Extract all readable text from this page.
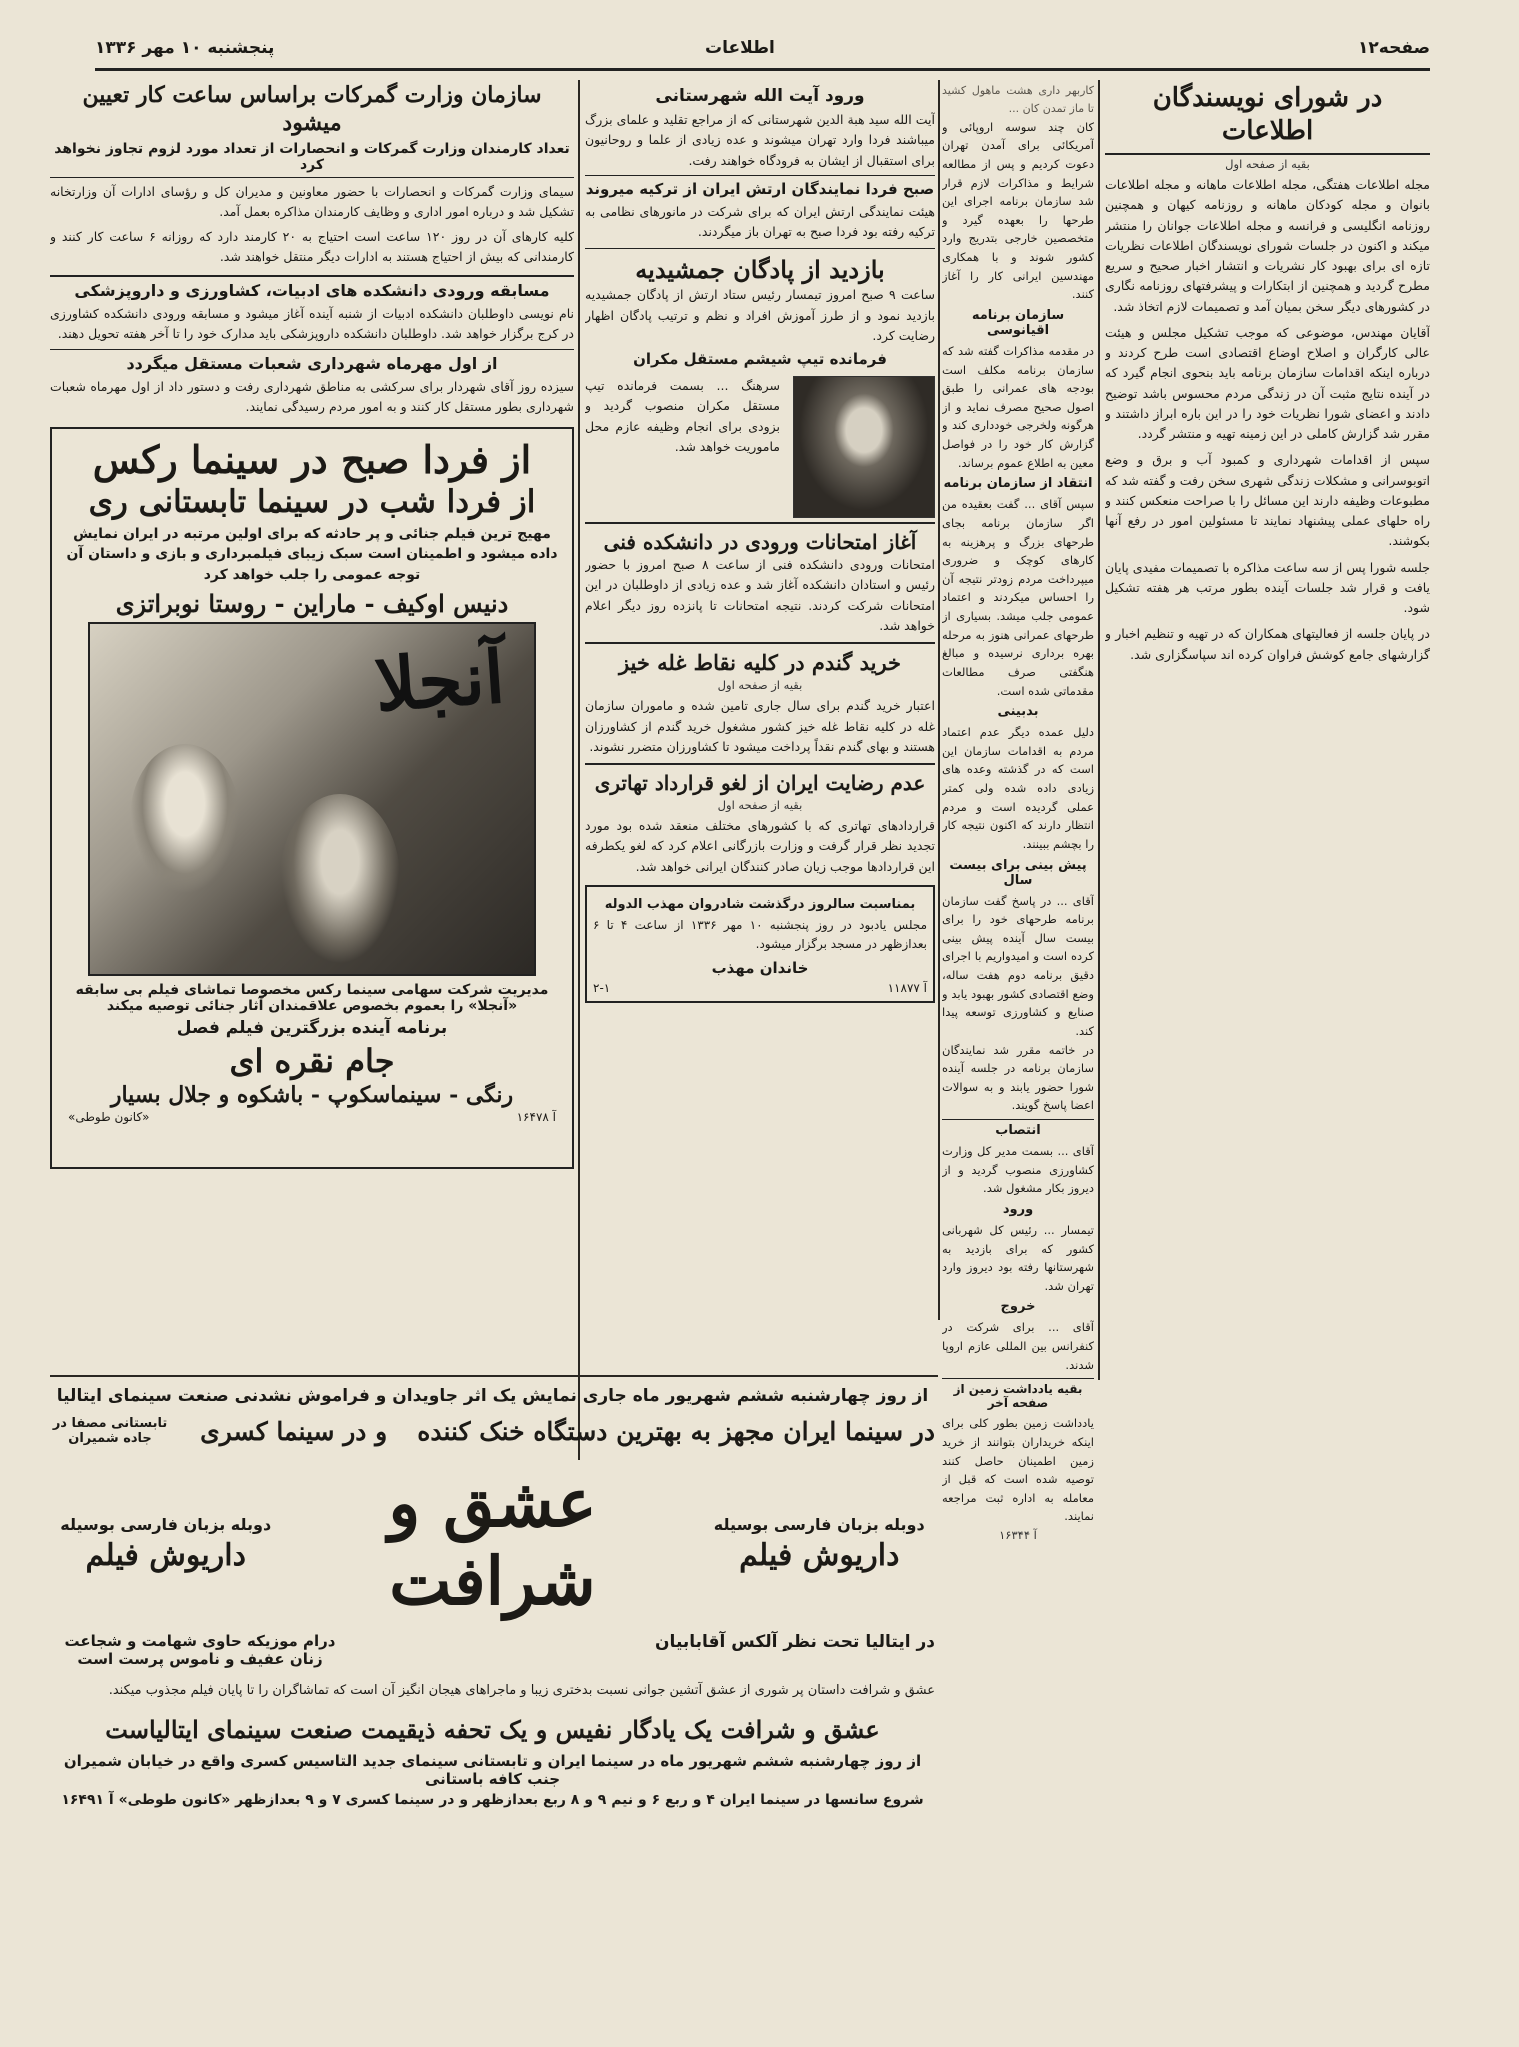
صفحه۱۲
اطلاعات
پنجشنبه ۱۰ مهر ۱۳۳۶
در شورای نویسندگان اطلاعات

بقیه از صفحه اول

مجله اطلاعات هفتگی، مجله اطلاعات ماهانه و مجله اطلاعات بانوان و مجله کودکان ماهانه و روزنامه کیهان و همچنین روزنامه انگلیسی و فرانسه و مجله اطلاعات جوانان را منتشر میکند و اکنون در جلسات شورای نویسندگان اطلاعات نظریات تازه ای برای بهبود کار نشریات و انتشار اخبار صحیح و سریع مطرح گردید و همچنین از ابتکارات و پیشرفتهای روزنامه نگاری در کشورهای دیگر سخن بمیان آمد و تصمیمات لازم اتخاذ شد.

آقایان مهندس، موضوعی که موجب تشکیل مجلس و هیئت عالی کارگران و اصلاح اوضاع اقتصادی است طرح کردند و درباره اینکه اقدامات سازمان برنامه باید بنحوی انجام گیرد که در آینده نتایج مثبت آن در زندگی مردم محسوس باشد توضیح دادند و اعضای شورا نظریات خود را در این باره ابراز داشتند و مقرر شد گزارش کاملی در این زمینه تهیه و منتشر گردد.

سپس از اقدامات شهرداری و کمبود آب و برق و وضع اتوبوسرانی و مشکلات زندگی شهری سخن رفت و گفته شد که مطبوعات وظیفه دارند این مسائل را با صراحت منعکس کنند و راه حلهای عملی پیشنهاد نمایند تا مسئولین امور در رفع آنها بکوشند.

جلسه شورا پس از سه ساعت مذاکره با تصمیمات مفیدی پایان یافت و قرار شد جلسات آینده بطور مرتب هر هفته تشکیل شود.

در پایان جلسه از فعالیتهای همکاران که در تهیه و تنظیم اخبار و گزارشهای جامع کوشش فراوان کرده اند سپاسگزاری شد.

کاربهر داری هشت ماهول کشید تا ماز تمدن کان ...

کان چند سوسه اروپائی و آمریکائی برای آمدن تهران دعوت کردیم و پس از مطالعه شرایط و مذاکرات لازم قرار شد سازمان برنامه اجرای این طرحها را بعهده گیرد و متخصصین خارجی بتدریج وارد کشور شوند و با همکاری مهندسین ایرانی کار را آغاز کنند.

سازمان برنامه اقیانوسی

در مقدمه مذاکرات گفته شد که سازمان برنامه مکلف است بودجه های عمرانی را طبق اصول صحیح مصرف نماید و از هرگونه ولخرجی خودداری کند و گزارش کار خود را در فواصل معین به اطلاع عموم برساند.

انتقاد از سازمان برنامه

سپس آقای ... گفت بعقیده من اگر سازمان برنامه بجای طرحهای بزرگ و پرهزینه به کارهای کوچک و ضروری میپرداخت مردم زودتر نتیجه آن را احساس میکردند و اعتماد عمومی جلب میشد. بسیاری از طرحهای عمرانی هنوز به مرحله بهره برداری نرسیده و مبالغ هنگفتی صرف مطالعات مقدماتی شده است.

بدبینی

دلیل عمده دیگر عدم اعتماد مردم به اقدامات سازمان این است که در گذشته وعده های زیادی داده شده ولی کمتر عملی گردیده است و مردم انتظار دارند که اکنون نتیجه کار را بچشم ببینند.

پیش بینی برای بیست سال

آقای ... در پاسخ گفت سازمان برنامه طرحهای خود را برای بیست سال آینده پیش بینی کرده است و امیدواریم با اجرای دقیق برنامه دوم هفت ساله، وضع اقتصادی کشور بهبود یابد و صنایع و کشاورزی توسعه پیدا کند.

در خاتمه مقرر شد نمایندگان سازمان برنامه در جلسه آینده شورا حضور یابند و به سوالات اعضا پاسخ گویند.

انتصاب

آقای ... بسمت مدیر کل وزارت کشاورزی منصوب گردید و از دیروز بکار مشغول شد.

ورود

تیمسار ... رئیس کل شهربانی کشور که برای بازدید به شهرستانها رفته بود دیروز وارد تهران شد.

خروج

آقای ... برای شرکت در کنفرانس بین المللی عازم اروپا شدند.

بقیه یادداشت زمین از صفحه آخر

یادداشت زمین بطور کلی برای اینکه خریداران بتوانند از خرید زمین اطمینان حاصل کنند توصیه شده است که قبل از معامله به اداره ثبت مراجعه نمایند.

آ ۱۶۳۴۴

ورود آیت الله شهرستانی

آیت الله سید هبة الدین شهرستانی که از مراجع تقلید و علمای بزرگ میباشند فردا وارد تهران میشوند و عده زیادی از علما و روحانیون برای استقبال از ایشان به فرودگاه خواهند رفت.

صبح فردا نمایندگان ارتش ایران از ترکیه میروند

هیئت نمایندگی ارتش ایران که برای شرکت در مانورهای نظامی به ترکیه رفته بود فردا صبح به تهران باز میگردند.

بازدید از پادگان جمشیدیه

ساعت ۹ صبح امروز تیمسار رئیس ستاد ارتش از پادگان جمشیدیه بازدید نمود و از طرز آموزش افراد و نظم و ترتیب پادگان اظهار رضایت کرد.

فرمانده تیپ شیشم مستقل مکران

سرهنگ ... بسمت فرمانده تیپ مستقل مکران منصوب گردید و بزودی برای انجام وظیفه عازم محل ماموریت خواهد شد.

آغاز امتحانات ورودی در دانشکده فنی

امتحانات ورودی دانشکده فنی از ساعت ۸ صبح امروز با حضور رئیس و استادان دانشکده آغاز شد و عده زیادی از داوطلبان در این امتحانات شرکت کردند. نتیجه امتحانات تا پانزده روز دیگر اعلام خواهد شد.

خرید گندم در کلیه نقاط غله خیز

بقیه از صفحه اول

اعتبار خرید گندم برای سال جاری تامین شده و ماموران سازمان غله در کلیه نقاط غله خیز کشور مشغول خرید گندم از کشاورزان هستند و بهای گندم نقداً پرداخت میشود تا کشاورزان متضرر نشوند.

عدم رضایت ایران از لغو قرارداد تهاتری

بقیه از صفحه اول

قراردادهای تهاتری که با کشورهای مختلف منعقد شده بود مورد تجدید نظر قرار گرفت و وزارت بازرگانی اعلام کرد که لغو یکطرفه این قراردادها موجب زیان صادر کنندگان ایرانی خواهد شد.

بمناسبت سالروز درگذشت شادروان مهذب الدوله

مجلس یادبود در روز پنجشنبه ۱۰ مهر ۱۳۳۶ از ساعت ۴ تا ۶ بعدازظهر در مسجد برگزار میشود.

خاندان مهذب

آ ۱۱۸۷۷
۲-۱

سازمان وزارت گمرکات براساس ساعت کار تعیین میشود

تعداد کارمندان وزارت گمرکات و انحصارات از تعداد مورد لزوم تجاوز نخواهد کرد

سیمای وزارت گمرکات و انحصارات با حضور معاونین و مدیران کل و رؤسای ادارات آن وزارتخانه تشکیل شد و درباره امور اداری و وظایف کارمندان مذاکره بعمل آمد.

کلیه کارهای آن در روز ۱۲۰ ساعت است احتیاج به ۲۰ کارمند دارد که روزانه ۶ ساعت کار کنند و کارمندانی که بیش از احتیاج هستند به ادارات دیگر منتقل خواهند شد.

مسابقه ورودی دانشکده های ادبیات، کشاورزی و داروپزشکی

نام نویسی داوطلبان دانشکده ادبیات از شنبه آینده آغاز میشود و مسابقه ورودی دانشکده کشاورزی در کرج برگزار خواهد شد. داوطلبان دانشکده داروپزشکی باید مدارک خود را تا آخر هفته تحویل دهند.

از اول مهرماه شهرداری شعبات مستقل میگردد

سیزده روز آقای شهردار برای سرکشی به مناطق شهرداری رفت و دستور داد از اول مهرماه شعبات شهرداری بطور مستقل کار کنند و به امور مردم رسیدگی نمایند.

از فردا صبح در سینما رکس

از فردا شب در سینما تابستانی ری

مهیج ترین فیلم جنائی و پر حادثه که برای اولین مرتبه در ایران نمایش داده میشود و اطمینان است سبک زیبای فیلمبرداری و بازی و داستان آن توجه عمومی را جلب خواهد کرد

دنیس اوکیف - ماراین - روستا نوبراتزی

آنجلا

مدیریت شرکت سهامی سینما رکس مخصوصا تماشای فیلم بی سابقه «آنجلا» را بعموم بخصوص علاقمندان آثار جنائی توصیه میکند

برنامه آینده بزرگترین فیلم فصل

جام نقره ای

رنگی - سینماسکوپ - باشکوه و جلال بسیار

آ ۱۶۴۷۸
«کانون طوطی»

از روز چهارشنبه ششم شهریور ماه جاری نمایش یک اثر جاویدان و فراموش نشدنی صنعت سینمای ایتالیا

در سینما ایران مجهز به بهترین دستگاه خنک کننده
و در سینما کسری
تابستانی مصفا در جاده شمیران

دوبله بزبان فارسی بوسیله

داریوش فیلم

عشق و شرافت

دوبله بزبان فارسی بوسیله

داریوش فیلم

در ایتالیا تحت نظر آلکس آقابابیان

درام موزیکه حاوی شهامت و شجاعت زنان عفیف و ناموس پرست است

عشق و شرافت داستان پر شوری از عشق آتشین جوانی نسبت بدختری زیبا و ماجراهای هیجان انگیز آن است که تماشاگران را تا پایان فیلم مجذوب میکند.

عشق و شرافت یک یادگار نفیس و یک تحفه ذیقیمت صنعت سینمای ایتالیاست

از روز چهارشنبه ششم شهریور ماه در سینما ایران و تابستانی سینمای جدید التاسیس کسری واقع در خیابان شمیران جنب کافه باستانی

شروع سانسها در سینما ایران ۴ و ربع ۶ و نیم ۹ و ۸ ربع بعدازظهر و در سینما کسری ۷ و ۹ بعدازظهر «کانون طوطی» آ ۱۶۴۹۱
